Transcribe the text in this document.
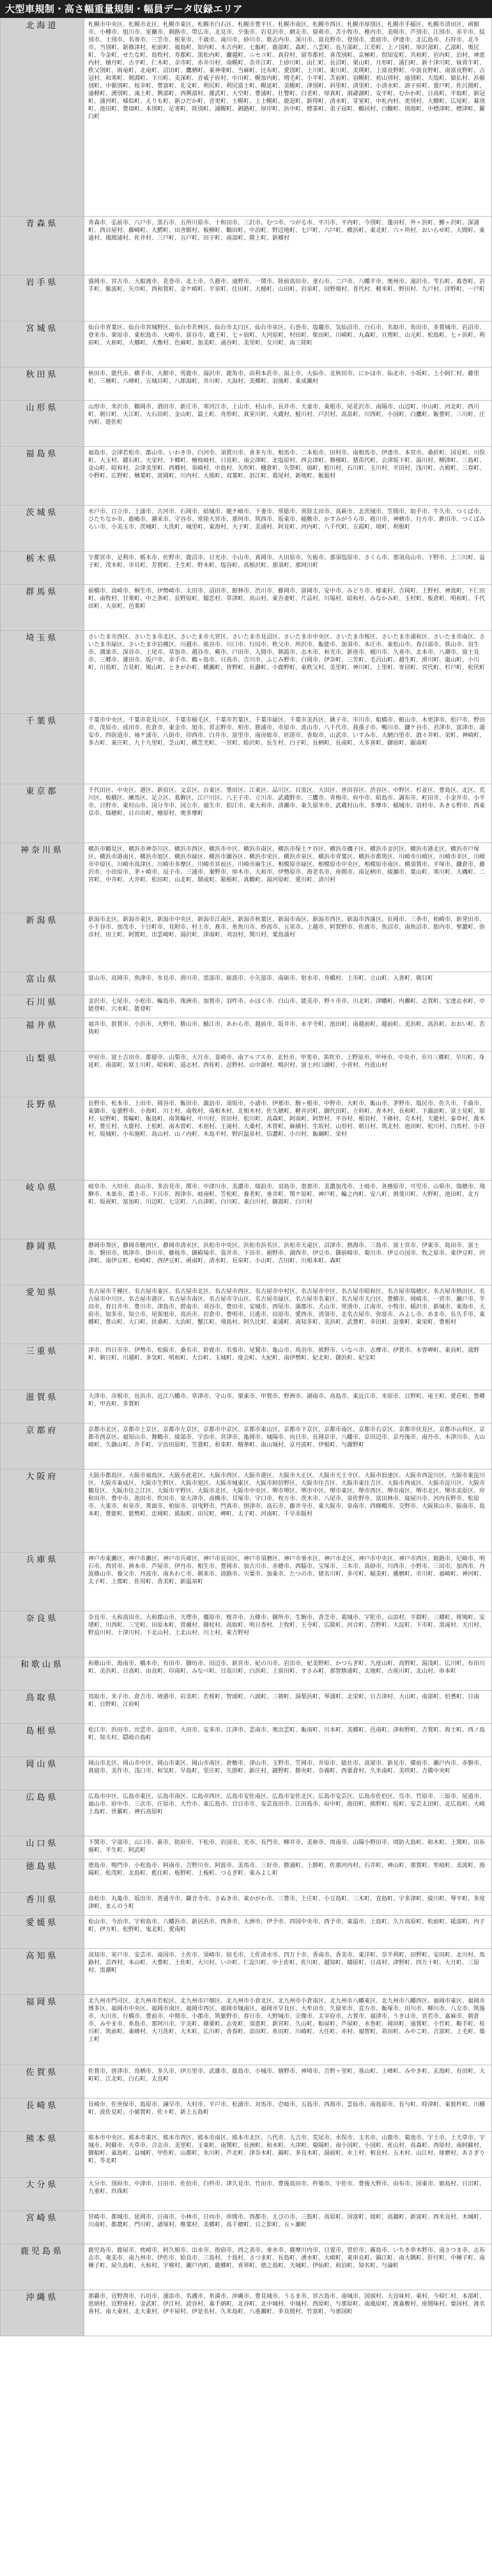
大型車規制・高さ幅重量規制・幅員データ収録エリア
北海道	札幌市中央区、札幌市北区、札幌市東区、札幌市白石区、札幌市豊平区、札幌市南区、札幌市西区、札幌市厚別区、札幌市手稲区、札幌市清田区、函館市、小樽市、旭川市、室蘭市、釧路市、帯広市、北見市、夕張市、岩見沢市、網走市、留萌市、苫小牧市、稚内市、美唄市、芦別市、江別市、赤平市、紋別市、士別市、名寄市、三笠市、根室市、千歳市、滝川市、砂川市、歌志内市、深川市、富良野市、登別市、恵庭市、伊達市、北広島市、石狩市、北斗市、当別町、新篠津村、松前町、福島町、知内町、木古内町、七飯町、鹿部町、森町、八雲町、長万部町、江差町、上ノ国町、厚沢部町、乙部町、奥尻町、今金町、せたな町、島牧村、寿都町、黒松内町、蘭越町、ニセコ町、真狩村、留寿都村、喜茂別町、京極町、倶知安町、共和町、岩内町、泊村、神恵内村、積丹町、古平町、仁木町、余市町、赤井川村、南幌町、奈井江町、上砂川町、由仁町、長沼町、栗山町、月形町、浦臼町、新十津川町、妹背牛町、秩父別町、雨竜町、北竜町、沼田町、鷹栖町、東神楽町、当麻町、比布町、愛別町、上川町、東川町、美瑛町、上富良野町、中富良野町、南富良野町、占冠村、和寒町、剣淵町、下川町、美深町、音威子府村、中川町、幌加内町、増毛町、小平町、苫前町、羽幌町、初山別村、遠別町、天塩町、猿払村、浜頓別町、中頓別町、枝幸町、豊富町、礼文町、利尻町、利尻富士町、幌延町、美幌町、津別町、斜里町、清里町、小清水町、訓子府町、置戸町、佐呂間町、遠軽町、湧別町、滝上町、興部町、西興部村、雄武町、大空町、豊浦町、壮瞥町、白老町、厚真町、洞爺湖町、安平町、むかわ町、日高町、平取町、新冠町、浦河町、様似町、えりも町、新ひだか町、音更町、士幌町、上士幌町、鹿追町、新得町、清水町、芽室町、中札内村、更別村、大樹町、広尾町、幕別町、池田町、豊頃町、本別町、足寄町、陸別町、浦幌町、釧路町、厚岸町、浜中町、標茶町、弟子屈町、鶴居村、白糠町、別海町、中標津町、標津町、羅臼町

青森県	青森市、弘前市、八戸市、黒石市、五所川原市、十和田市、三沢市、むつ市、つがる市、平川市、平内町、今別町、蓬田村、外ヶ浜町、鰺ヶ沢町、深浦町、西目屋村、藤崎町、大鰐町、田舎館村、板柳町、鶴田町、中泊町、野辺地町、七戸町、六戸町、横浜町、東北町、六ヶ所村、おいらせ町、大間町、東通村、風間浦村、佐井村、三戸町、五戸町、田子町、南部町、階上町、新郷村

岩手県	盛岡市、宮古市、大船渡市、花巻市、北上市、久慈市、遠野市、一関市、陸前高田市、釜石市、二戸市、八幡平市、奥州市、滝沢市、雫石町、葛巻町、岩手町、紫波町、矢巾町、西和賀町、金ケ崎町、平泉町、住田町、大槌町、山田町、岩泉町、田野畑村、普代村、軽米町、野田村、九戸村、洋野町、一戸町

宮城県	仙台市青葉区、仙台市宮城野区、仙台市若林区、仙台市太白区、仙台市泉区、石巻市、塩竈市、気仙沼市、白石市、名取市、角田市、多賀城市、岩沼市、登米市、栗原市、東松島市、大崎市、富谷市、蔵王町、七ヶ宿町、大河原町、村田町、柴田町、川崎町、丸森町、亘理町、山元町、松島町、七ヶ浜町、利府町、大和町、大郷町、大衡村、色麻町、加美町、涌谷町、美里町、女川町、南三陸町

秋田県	秋田市、能代市、横手市、大館市、男鹿市、湯沢市、鹿角市、由利本荘市、潟上市、大仙市、北秋田市、にかほ市、仙北市、小坂町、上小阿仁村、藤里町、三種町、八峰町、五城目町、八郎潟町、井川町、大潟村、美郷町、羽後町、東成瀬村

山形県	山形市、米沢市、鶴岡市、酒田市、新庄市、寒河江市、上山市、村山市、長井市、天童市、東根市、尾花沢市、南陽市、山辺町、中山町、河北町、西川町、朝日町、大江町、大石田町、金山町、最上町、舟形町、真室川町、大蔵村、鮭川村、戸沢村、高畠町、川西町、小国町、白鷹町、飯豊町、三川町、庄内町、遊佐町

福島県	福島市、会津若松市、郡山市、いわき市、白河市、須賀川市、喜多方市、相馬市、二本松市、田村市、南相馬市、伊達市、本宮市、桑折町、国見町、川俣町、大玉村、鏡石町、天栄村、下郷町、檜枝岐村、只見町、南会津町、北塩原村、西会津町、磐梯町、猪苗代町、会津坂下町、湯川村、柳津町、三島町、金山町、昭和村、会津美里町、西郷村、泉崎村、中島村、矢吹町、棚倉町、矢祭町、塙町、鮫川村、石川町、玉川村、平田村、浅川町、古殿町、三春町、小野町、広野町、楢葉町、富岡町、川内村、大熊町、双葉町、浪江町、葛尾村、新地町、飯舘村

茨城県	水戸市、日立市、土浦市、古河市、石岡市、結城市、龍ケ崎市、下妻市、常総市、常陸太田市、高萩市、北茨城市、笠間市、取手市、牛久市、つくば市、ひたちなか市、鹿嶋市、潮来市、守谷市、常陸大宮市、那珂市、筑西市、坂東市、稲敷市、かすみがうら市、桜川市、神栖市、行方市、鉾田市、つくばみらい市、小美玉市、茨城町、大洗町、城里町、東海村、大子町、美浦村、阿見町、河内町、八千代町、五霞町、境町、利根町

栃木県	宇都宮市、足利市、栃木市、佐野市、鹿沼市、日光市、小山市、真岡市、大田原市、矢板市、那須塩原市、さくら市、那須烏山市、下野市、上三川町、益子町、茂木町、市貝町、芳賀町、壬生町、野木町、塩谷町、高根沢町、那須町、那珂川町

群馬県	前橋市、高崎市、桐生市、伊勢崎市、太田市、沼田市、館林市、渋川市、藤岡市、富岡市、安中市、みどり市、榛東村、吉岡町、上野村、神流町、下仁田町、南牧村、甘楽町、中之条町、長野原町、嬬恋村、草津町、高山村、東吾妻町、片品村、川場村、昭和村、みなかみ町、玉村町、板倉町、明和町、千代田町、大泉町、邑楽町

埼玉県	さいたま市西区、さいたま市北区、さいたま市大宮区、さいたま市見沼区、さいたま市中央区、さいたま市桜区、さいたま市浦和区、さいたま市南区、さいたま市緑区、さいたま市岩槻区、川越市、熊谷市、川口市、行田市、秩父市、所沢市、飯能市、加須市、本庄市、東松山市、春日部市、狭山市、羽生市、鴻巣市、深谷市、上尾市、草加市、越谷市、蕨市、戸田市、入間市、朝霞市、志木市、和光市、新座市、桶川市、久喜市、北本市、八潮市、富士見市、三郷市、蓮田市、坂戸市、幸手市、鶴ヶ島市、日高市、吉川市、ふじみ野市、白岡市、伊奈町、三芳町、毛呂山町、越生町、滑川町、嵐山町、小川町、川島町、吉見町、鳩山町、ときがわ町、横瀬町、皆野町、長瀞町、小鹿野町、東秩父村、美里町、神川町、上里町、寄居町、宮代町、杉戸町、松伏町

千葉県	千葉市中央区、千葉市花見川区、千葉市稲毛区、千葉市若葉区、千葉市緑区、千葉市美浜区、銚子市、市川市、船橋市、館山市、木更津市、松戸市、野田市、茂原市、成田市、佐倉市、東金市、旭市、習志野市、柏市、勝浦市、市原市、流山市、八千代市、我孫子市、鴨川市、鎌ケ谷市、君津市、富津市、浦安市、四街道市、袖ケ浦市、八街市、印西市、白井市、富里市、南房総市、匝瑳市、香取市、山武市、いすみ市、大網白里市、酒々井町、栄町、神崎町、多古町、東庄町、九十九里町、芝山町、横芝光町、一宮町、睦沢町、長生村、白子町、長柄町、長南町、大多喜町、御宿町、鋸南町

東京都	千代田区、中央区、港区、新宿区、文京区、台東区、墨田区、江東区、品川区、目黒区、大田区、世田谷区、渋谷区、中野区、杉並区、豊島区、北区、荒川区、板橋区、練馬区、足立区、葛飾区、江戸川区、八王子市、立川市、武蔵野市、三鷹市、青梅市、府中市、昭島市、調布市、町田市、小金井市、小平市、日野市、東村山市、国分寺市、国立市、福生市、狛江市、東大和市、清瀬市、東久留米市、武蔵村山市、多摩市、稲城市、羽村市、あきる野市、西東京市、瑞穂町、日の出町、檜原村、奥多摩町

神奈川県	横浜市鶴見区、横浜市神奈川区、横浜市西区、横浜市中区、横浜市南区、横浜市保土ケ谷区、横浜市磯子区、横浜市金沢区、横浜市港北区、横浜市戸塚区、横浜市港南区、横浜市旭区、横浜市緑区、横浜市瀬谷区、横浜市栄区、横浜市泉区、横浜市青葉区、横浜市都筑区、川崎市川崎区、川崎市幸区、川崎市中原区、川崎市高津区、川崎市多摩区、川崎市宮前区、川崎市麻生区、相模原市緑区、相模原市中央区、相模原市南区、横須賀市、平塚市、鎌倉市、藤沢市、小田原市、茅ヶ崎市、逗子市、三浦市、秦野市、厚木市、大和市、伊勢原市、海老名市、座間市、南足柄市、綾瀬市、葉山町、寒川町、大磯町、二宮町、中井町、大井町、松田町、山北町、開成町、箱根町、真鶴町、湯河原町、愛川町、清川村

新潟県	新潟市北区、新潟市東区、新潟市中央区、新潟市江南区、新潟市秋葉区、新潟市南区、新潟市西区、新潟市西蒲区、長岡市、三条市、柏崎市、新発田市、小千谷市、加茂市、十日町市、見附市、村上市、燕市、糸魚川市、妙高市、五泉市、上越市、阿賀野市、佐渡市、魚沼市、南魚沼市、胎内市、聖籠町、弥彦村、田上町、阿賀町、出雲崎町、湯沢町、津南町、刈羽村、関川村、粟島浦村

富山県	富山市、高岡市、魚津市、氷見市、滑川市、黒部市、砺波市、小矢部市、南砺市、射水市、舟橋村、上市町、立山町、入善町、朝日町

石川県	金沢市、七尾市、小松市、輪島市、珠洲市、加賀市、羽咋市、かほく市、白山市、能美市、野々市市、川北町、津幡町、内灘町、志賀町、宝達志水町、中能登町、穴水町、能登町

福井県	福井市、敦賀市、小浜市、大野市、勝山市、鯖江市、あわら市、越前市、坂井市、永平寺町、池田町、南越前町、越前町、美浜町、高浜町、おおい町、若狭町

山梨県	甲府市、富士吉田市、都留市、山梨市、大月市、韮崎市、南アルプス市、北杜市、甲斐市、笛吹市、上野原市、甲州市、中央市、市川三郷町、早川町、身延町、南部町、富士川町、昭和町、道志村、西桂町、忍野村、山中湖村、鳴沢村、富士河口湖町、小菅村、丹波山村

長野県	長野市、松本市、上田市、岡谷市、飯田市、諏訪市、須坂市、小諸市、伊那市、駒ヶ根市、中野市、大町市、飯山市、茅野市、塩尻市、佐久市、千曲市、東御市、安曇野市、小海町、川上村、南牧村、南相木村、北相木村、佐久穂町、軽井沢町、御代田町、立科町、青木村、長和町、下諏訪町、富士見町、原村、辰野町、箕輪町、飯島町、南箕輪村、中川村、宮田村、松川町、高森町、阿南町、阿智村、平谷村、根羽村、下條村、売木村、天龍村、泰阜村、喬木村、豊丘村、大鹿村、上松町、南木曽町、木祖村、王滝村、大桑村、木曽町、麻績村、生坂村、山形村、朝日村、筑北村、池田町、松川村、白馬村、小谷村、坂城町、小布施町、高山村、山ノ内町、木島平村、野沢温泉村、信濃町、小川村、飯綱町、栄村

岐阜県	岐阜市、大垣市、高山市、多治見市、関市、中津川市、美濃市、瑞浪市、羽島市、恵那市、美濃加茂市、土岐市、各務原市、可児市、山県市、瑞穂市、飛騨市、本巣市、郡上市、下呂市、海津市、岐南町、笠松町、養老町、垂井町、関ケ原町、神戸町、輪之内町、安八町、揖斐川町、大野町、池田町、北方町、坂祝町、富加町、川辺町、七宗町、八百津町、白川町、東白川村、御嵩町、白川村

静岡県	静岡市葵区、静岡市駿河区、静岡市清水区、浜松市中央区、浜松市浜名区、浜松市天竜区、沼津市、熱海市、三島市、富士宮市、伊東市、島田市、富士市、磐田市、焼津市、掛川市、藤枝市、御殿場市、袋井市、下田市、裾野市、湖西市、伊豆市、御前崎市、菊川市、伊豆の国市、牧之原市、東伊豆町、河津町、南伊豆町、松崎町、西伊豆町、函南町、清水町、長泉町、小山町、吉田町、川根本町、森町

愛知県	名古屋市千種区、名古屋市東区、名古屋市北区、名古屋市西区、名古屋市中村区、名古屋市中区、名古屋市昭和区、名古屋市瑞穂区、名古屋市熱田区、名古屋市中川区、名古屋市港区、名古屋市南区、名古屋市守山区、名古屋市緑区、名古屋市名東区、名古屋市天白区、豊橋市、岡崎市、一宮市、瀬戸市、半田市、春日井市、豊川市、津島市、碧南市、刈谷市、豊田市、安城市、西尾市、蒲郡市、犬山市、常滑市、江南市、小牧市、稲沢市、新城市、東海市、大府市、知多市、知立市、尾張旭市、高浜市、岩倉市、豊明市、日進市、田原市、愛西市、清須市、北名古屋市、弥富市、みよし市、あま市、長久手市、東郷町、豊山町、大口町、扶桑町、大治町、蟹江町、飛島村、阿久比町、東浦町、南知多町、美浜町、武豊町、幸田町、設楽町、東栄町、豊根村

三重県	津市、四日市市、伊勢市、松阪市、桑名市、鈴鹿市、名張市、尾鷲市、亀山市、鳥羽市、熊野市、いなべ市、志摩市、伊賀市、木曽岬町、東員町、菰野町、朝日町、川越町、多気町、明和町、大台町、玉城町、度会町、大紀町、南伊勢町、紀北町、御浜町、紀宝町

滋賀県	大津市、彦根市、長浜市、近江八幡市、草津市、守山市、栗東市、甲賀市、野洲市、湖南市、高島市、東近江市、米原市、日野町、竜王町、愛荘町、豊郷町、甲良町、多賀町

京都府	京都市北区、京都市上京区、京都市左京区、京都市中京区、京都市東山区、京都市下京区、京都市南区、京都市右京区、京都市伏見区、京都市山科区、京都市西京区、福知山市、舞鶴市、綾部市、宇治市、宮津市、亀岡市、城陽市、向日市、長岡京市、八幡市、京田辺市、京丹後市、南丹市、木津川市、大山崎町、久御山町、井手町、宇治田原町、笠置町、和束町、精華町、南山城村、京丹波町、伊根町、与謝野町

大阪府	大阪市都島区、大阪市福島区、大阪市此花区、大阪市西区、大阪市港区、大阪市大正区、大阪市天王寺区、大阪市浪速区、大阪市西淀川区、大阪市東淀川区、大阪市東成区、大阪市生野区、大阪市旭区、大阪市城東区、大阪市阿倍野区、大阪市住吉区、大阪市東住吉区、大阪市西成区、大阪市淀川区、大阪市鶴見区、大阪市住之江区、大阪市平野区、大阪市北区、大阪市中央区、堺市堺区、堺市中区、堺市東区、堺市西区、堺市南区、堺市北区、堺市美原区、岸和田市、豊中市、池田市、吹田市、泉大津市、高槻市、貝塚市、守口市、枚方市、茨木市、八尾市、泉佐野市、富田林市、寝屋川市、河内長野市、松原市、大東市、和泉市、箕面市、柏原市、羽曳野市、門真市、摂津市、高石市、藤井寺市、東大阪市、泉南市、四條畷市、交野市、大阪狭山市、阪南市、島本町、豊能町、能勢町、忠岡町、熊取町、田尻町、岬町、太子町、河南町、千早赤阪村

兵庫県	神戸市東灘区、神戸市灘区、神戸市兵庫区、神戸市長田区、神戸市須磨区、神戸市垂水区、神戸市北区、神戸市中央区、神戸市西区、姫路市、尼崎市、明石市、西宮市、洲本市、芦屋市、伊丹市、相生市、豊岡市、加古川市、赤穂市、西脇市、宝塚市、三木市、高砂市、川西市、小野市、三田市、加西市、丹波篠山市、養父市、丹波市、南あわじ市、朝来市、淡路市、宍粟市、加東市、たつの市、猪名川町、多可町、稲美町、播磨町、市川町、福崎町、神河町、太子町、上郡町、佐用町、香美町、新温泉町

奈良県	奈良市、大和高田市、大和郡山市、天理市、橿原市、桜井市、五條市、御所市、生駒市、香芝市、葛城市、宇陀市、山添村、平群町、三郷町、斑鳩町、安堵町、川西町、三宅町、田原本町、曽爾村、御杖村、高取町、明日香村、上牧町、王寺町、広陵町、河合町、吉野町、大淀町、下市町、黒滝村、天川村、野迫川村、十津川村、下北山村、上北山村、川上村、東吉野村

和歌山県	和歌山市、海南市、橋本市、有田市、御坊市、田辺市、新宮市、紀の川市、岩出市、紀美野町、かつらぎ町、九度山町、高野町、湯浅町、広川町、有田川町、美浜町、日高町、由良町、印南町、みなべ町、日高川町、白浜町、上富田町、すさみ町、那智勝浦町、太地町、古座川町、北山村、串本町

鳥取県	鳥取市、米子市、倉吉市、境港市、岩美町、若桜町、智頭町、八頭町、三朝町、湯梨浜町、琴浦町、北栄町、日吉津村、大山町、南部町、伯耆町、日南町、日野町、江府町

島根県	松江市、浜田市、出雲市、益田市、大田市、安来市、江津市、雲南市、奥出雲町、飯南町、川本町、美郷町、邑南町、津和野町、吉賀町、海士町、西ノ島町、知夫村、隠岐の島町

岡山県	岡山市北区、岡山市中区、岡山市東区、岡山市南区、倉敷市、津山市、玉野市、笠岡市、井原市、総社市、高梁市、新見市、備前市、瀬戸内市、赤磐市、真庭市、美作市、浅口市、和気町、早島町、里庄町、矢掛町、新庄村、鏡野町、勝央町、奈義町、西粟倉村、久米南町、美咲町、吉備中央町

広島県	広島市中区、広島市東区、広島市南区、広島市西区、広島市安佐南区、広島市安佐北区、広島市安芸区、広島市佐伯区、呉市、竹原市、三原市、尾道市、福山市、府中市、三次市、庄原市、大竹市、東広島市、廿日市市、安芸高田市、江田島市、府中町、海田町、熊野町、坂町、安芸太田町、北広島町、大崎上島町、世羅町、神石高原町

山口県	下関市、宇部市、山口市、萩市、防府市、下松市、岩国市、光市、長門市、柳井市、美祢市、周南市、山陽小野田市、周防大島町、和木町、上関町、田布施町、平生町、阿武町

徳島県	徳島市、鳴門市、小松島市、阿南市、吉野川市、阿波市、美馬市、三好市、勝浦町、上勝町、佐那河内村、石井町、神山町、那賀町、牟岐町、美波町、海陽町、松茂町、北島町、藍住町、板野町、上板町、つるぎ町、東みよし町

香川県	高松市、丸亀市、坂出市、善通寺市、観音寺市、さぬき市、東かがわ市、三豊市、土庄町、小豆島町、三木町、直島町、宇多津町、綾川町、琴平町、多度津町、まんのう町

愛媛県	松山市、今治市、宇和島市、八幡浜市、新居浜市、西条市、大洲市、伊予市、四国中央市、西予市、東温市、上島町、久万高原町、松前町、砥部町、内子町、伊方町、松野町、鬼北町、愛南町

高知県	高知市、室戸市、安芸市、南国市、土佐市、須崎市、宿毛市、土佐清水市、四万十市、香南市、香美市、東洋町、奈半利町、田野町、安田町、北川村、馬路村、芸西村、本山町、大豊町、土佐町、大川村、いの町、仁淀川町、中土佐町、佐川町、越知町、檮原町、日高村、津野町、四万十町、大月町、三原村、黒潮町

福岡県	北九州市門司区、北九州市若松区、北九州市戸畑区、北九州市小倉北区、北九州市小倉南区、北九州市八幡東区、北九州市八幡西区、福岡市東区、福岡市博多区、福岡市中央区、福岡市南区、福岡市西区、福岡市城南区、福岡市早良区、大牟田市、久留米市、直方市、飯塚市、田川市、柳川市、八女市、筑後市、大川市、行橋市、豊前市、中間市、小郡市、筑紫野市、春日市、大野城市、宗像市、太宰府市、古賀市、福津市、うきは市、宮若市、嘉麻市、朝倉市、みやま市、糸島市、那珂川市、宇美町、篠栗町、志免町、須恵町、新宮町、久山町、粕屋町、芦屋町、水巻町、岡垣町、遠賀町、小竹町、鞍手町、桂川町、筑前町、東峰村、大刀洗町、大木町、広川町、香春町、添田町、糸田町、川崎町、大任町、赤村、福智町、苅田町、みやこ町、吉富町、上毛町、築上町

佐賀県	佐賀市、唐津市、鳥栖市、多久市、伊万里市、武雄市、鹿島市、小城市、嬉野市、神埼市、吉野ヶ里町、基山町、上峰町、みやき町、玄海町、有田町、大町町、江北町、白石町、太良町

長崎県	長崎市、佐世保市、島原市、諫早市、大村市、平戸市、松浦市、対馬市、壱岐市、五島市、西海市、雲仙市、南島原市、長与町、時津町、東彼杵町、川棚町、波佐見町、小値賀町、佐々町、新上五島町

熊本県	熊本市中央区、熊本市東区、熊本市西区、熊本市南区、熊本市北区、八代市、人吉市、荒尾市、水俣市、玉名市、山鹿市、菊池市、宇土市、上天草市、宇城市、阿蘇市、天草市、合志市、美里町、玉東町、南関町、長洲町、和水町、大津町、菊陽町、南小国町、小国町、産山村、高森町、西原村、南阿蘇村、御船町、嘉島町、益城町、甲佐町、山都町、氷川町、芦北町、津奈木町、錦町、多良木町、湯前町、水上村、相良村、五木村、山江村、球磨村、あさぎり町、苓北町

大分県	大分市、別府市、中津市、日田市、佐伯市、臼杵市、津久見市、竹田市、豊後高田市、杵築市、宇佐市、豊後大野市、由布市、国東市、姫島村、日出町、九重町、玖珠町

宮崎県	宮崎市、都城市、延岡市、日南市、小林市、日向市、串間市、西都市、えびの市、三股町、高原町、国富町、綾町、高鍋町、新富町、西米良村、木城町、川南町、都農町、門川町、諸塚村、椎葉村、美郷町、高千穂町、日之影町、五ヶ瀬町

鹿児島県	鹿児島市、鹿屋市、枕崎市、阿久根市、出水市、指宿市、西之表市、垂水市、薩摩川内市、日置市、曽於市、霧島市、いちき串木野市、南さつま市、志布志市、奄美市、南九州市、伊佐市、姶良市、三島村、十島村、さつま町、長島町、湧水町、大崎町、東串良町、錦江町、南大隅町、肝付町、中種子町、南種子町、屋久島町、大和村、宇検村、瀬戸内町、龍郷町、喜界町、徳之島町、天城町、伊仙町、和泊町、知名町、与論町

沖縄県	那覇市、宜野湾市、石垣市、浦添市、名護市、糸満市、沖縄市、豊見城市、うるま市、宮古島市、南城市、国頭村、大宜味村、東村、今帰仁村、本部町、恩納村、宜野座村、金武町、伊江村、読谷村、嘉手納町、北谷町、北中城村、中城村、西原町、与那原町、南風原町、渡嘉敷村、座間味村、粟国村、渡名喜村、南大東村、北大東村、伊平屋村、伊是名村、久米島町、八重瀬町、多良間村、竹富町、与那国町
